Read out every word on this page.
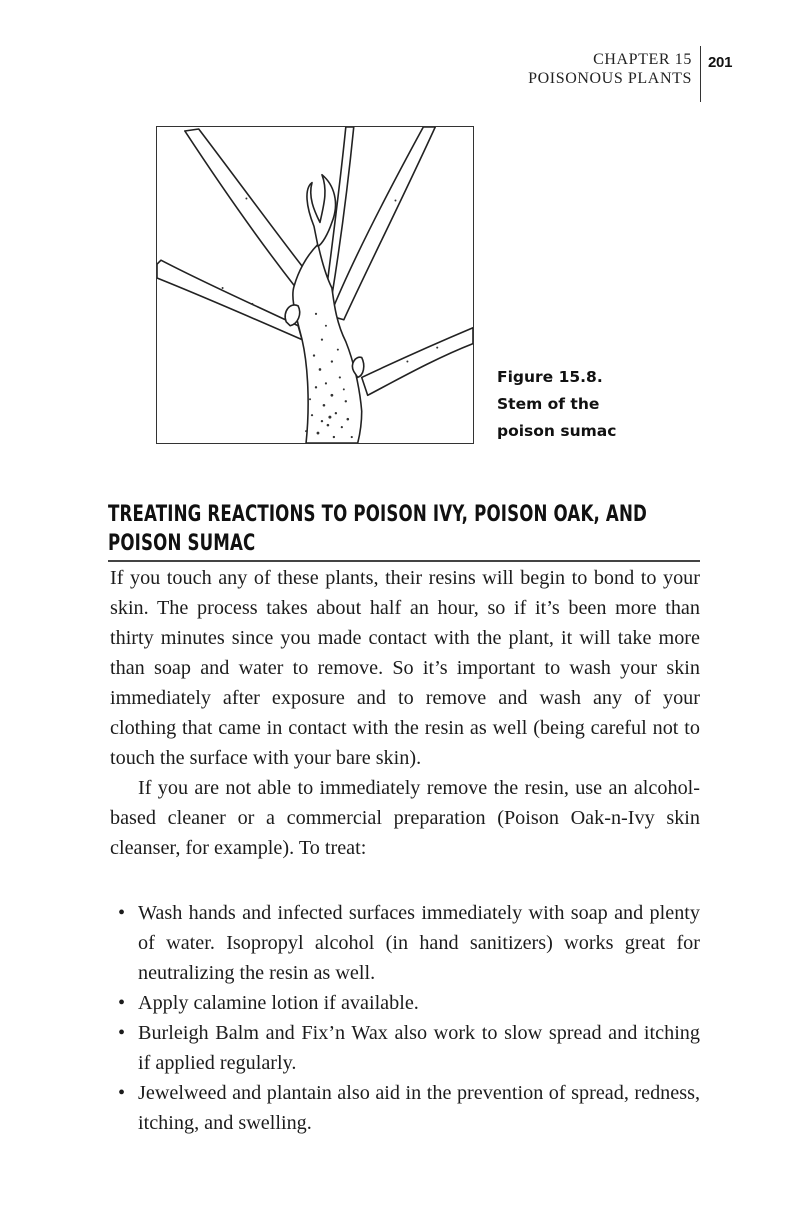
CHAPTER 15
POISONOUS PLANTS
201
Figure 15.8.
Stem of the
poison sumac
TREATING REACTIONS TO POISON IVY, POISON OAK, AND POISON SUMAC

If you touch any of these plants, their resins will begin to bond to your skin. The process takes about half an hour, so if it’s been more than thirty minutes since you made contact with the plant, it will take more than soap and water to remove. So it’s important to wash your skin immediately after exposure and to remove and wash any of your clothing that came in contact with the resin as well (being careful not to touch the surface with your bare skin).

If you are not able to immediately remove the resin, use an alcohol-based cleaner or a commercial preparation (Poison Oak-n-Ivy skin cleanser, for example). To treat:

• Wash hands and infected surfaces immediately with soap and plenty of water. Isopropyl alcohol (in hand sanitizers) works great for neutralizing the resin as well.
• Apply calamine lotion if available.
• Burleigh Balm and Fix’n Wax also work to slow spread and itching if applied regularly.
• Jewelweed and plantain also aid in the prevention of spread, redness, itching, and swelling.
